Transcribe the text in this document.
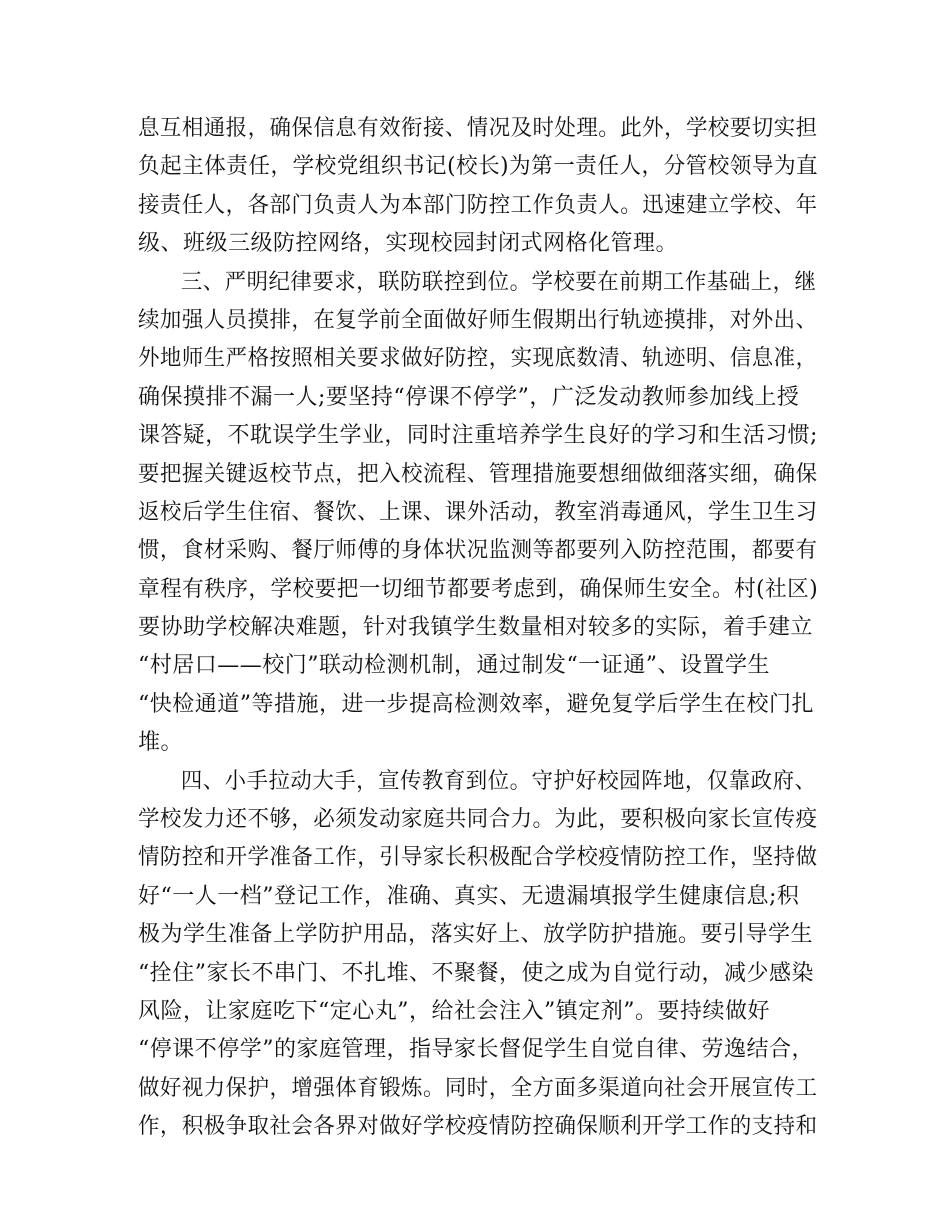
息互相通报，确保信息有效衔接、情况及时处理。此外，学校要切实担
负起主体责任，学校党组织书记(校长)为第一责任人，分管校领导为直
接责任人，各部门负责人为本部门防控工作负责人。迅速建立学校、年
级、班级三级防控网络，实现校园封闭式网格化管理。
三、严明纪律要求，联防联控到位。学校要在前期工作基础上，继
续加强人员摸排，在复学前全面做好师生假期出行轨迹摸排，对外出、
外地师生严格按照相关要求做好防控，实现底数清、轨迹明、信息准，
确保摸排不漏一人;要坚持“停课不停学”，广泛发动教师参加线上授
课答疑，不耽误学生学业，同时注重培养学生良好的学习和生活习惯;
要把握关键返校节点，把入校流程、管理措施要想细做细落实细，确保
返校后学生住宿、餐饮、上课、课外活动，教室消毒通风，学生卫生习
惯，食材采购、餐厅师傅的身体状况监测等都要列入防控范围，都要有
章程有秩序，学校要把一切细节都要考虑到，确保师生安全。村(社区)
要协助学校解决难题，针对我镇学生数量相对较多的实际，着手建立
“村居口——校门”联动检测机制，通过制发“一证通”、设置学生
“快检通道”等措施，进一步提高检测效率，避免复学后学生在校门扎
堆。
四、小手拉动大手，宣传教育到位。守护好校园阵地，仅靠政府、
学校发力还不够，必须发动家庭共同合力。为此，要积极向家长宣传疫
情防控和开学准备工作，引导家长积极配合学校疫情防控工作，坚持做
好“一人一档”登记工作，准确、真实、无遗漏填报学生健康信息;积
极为学生准备上学防护用品，落实好上、放学防护措施。要引导学生
“拴住”家长不串门、不扎堆、不聚餐，使之成为自觉行动，减少感染
风险，让家庭吃下“定心丸”，给社会注入”镇定剂”。要持续做好
“停课不停学”的家庭管理，指导家长督促学生自觉自律、劳逸结合，
做好视力保护，增强体育锻炼。同时，全方面多渠道向社会开展宣传工
作，积极争取社会各界对做好学校疫情防控确保顺利开学工作的支持和
